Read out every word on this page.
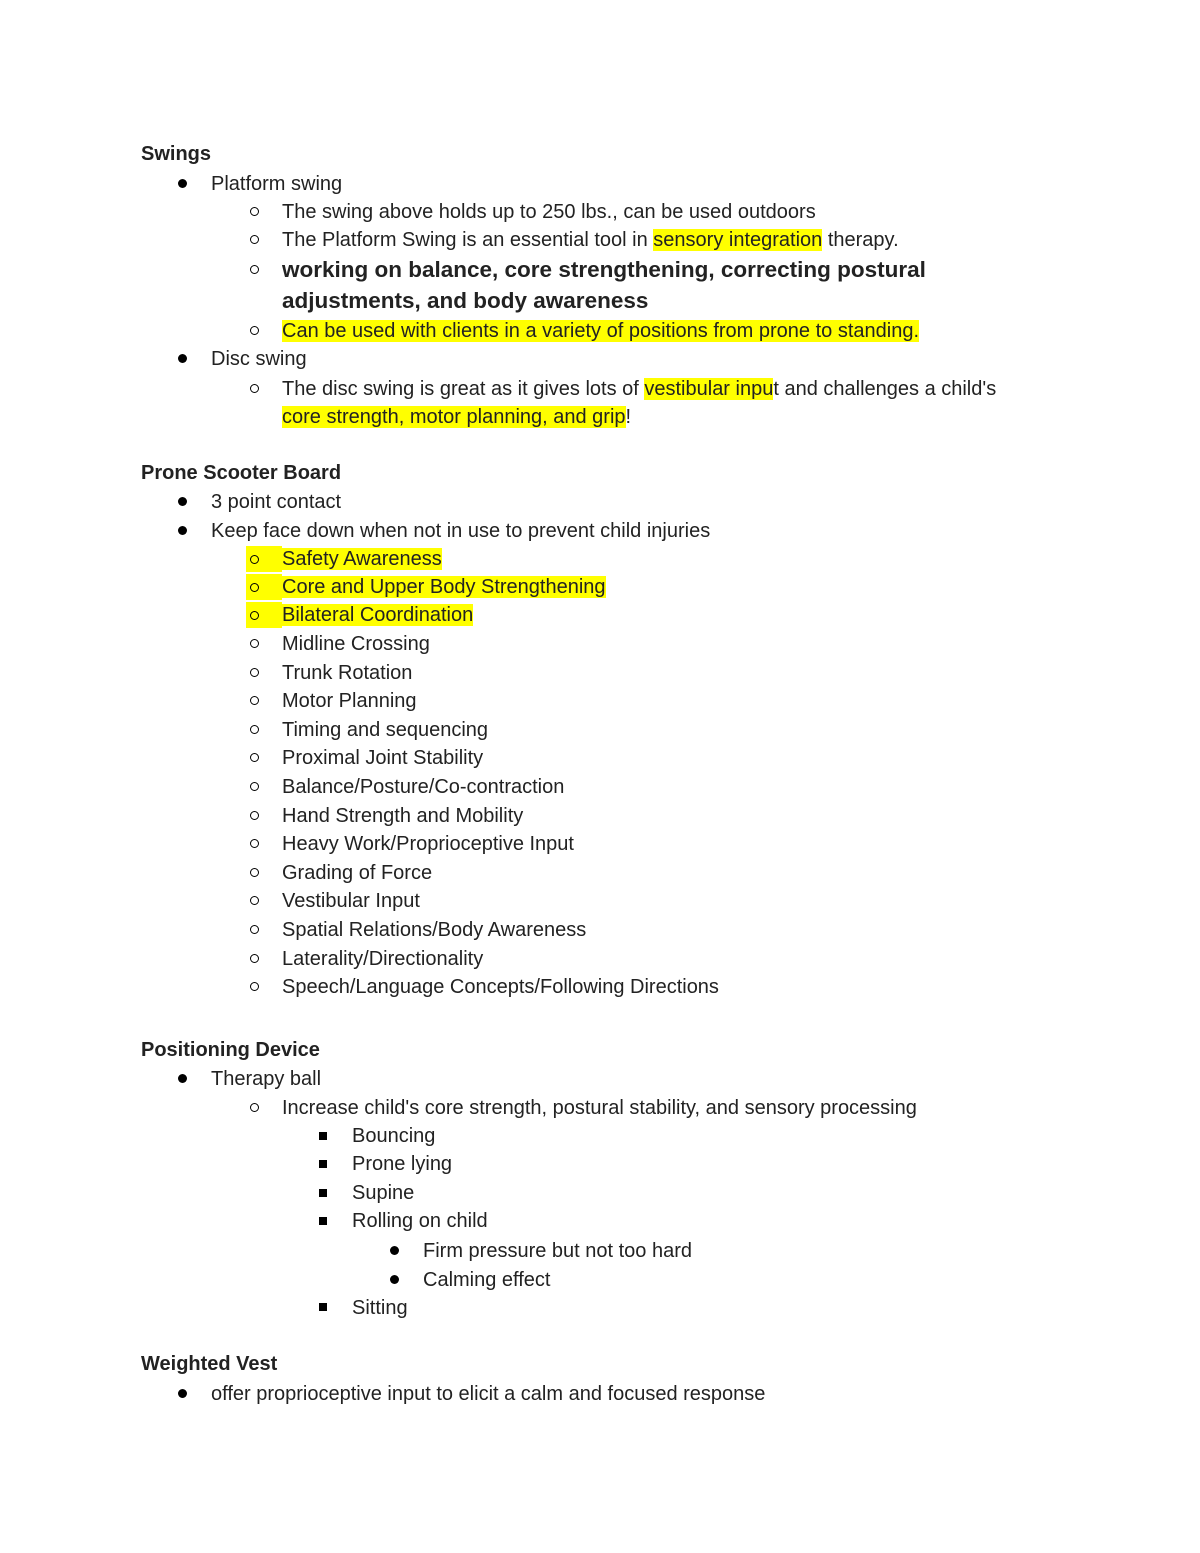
Swings
Platform swing
The swing above holds up to 250 lbs., can be used outdoors
The Platform Swing is an essential tool in sensory integration therapy.
working on balance, core strengthening, correcting postural
adjustments, and body awareness
Can be used with clients in a variety of positions from prone to standing.
Disc swing
The disc swing is great as it gives lots of vestibular input and challenges a child's
core strength, motor planning, and grip!
Prone Scooter Board
3 point contact
Keep face down when not in use to prevent child injuries
Safety Awareness
Core and Upper Body Strengthening
Bilateral Coordination
Midline Crossing
Trunk Rotation
Motor Planning
Timing and sequencing
Proximal Joint Stability
Balance/Posture/Co-contraction
Hand Strength and Mobility
Heavy Work/Proprioceptive Input
Grading of Force
Vestibular Input
Spatial Relations/Body Awareness
Laterality/Directionality
Speech/Language Concepts/Following Directions
Positioning Device
Therapy ball
Increase child's core strength, postural stability, and sensory processing
Bouncing
Prone lying
Supine
Rolling on child
Firm pressure but not too hard
Calming effect
Sitting
Weighted Vest
offer proprioceptive input to elicit a calm and focused response
